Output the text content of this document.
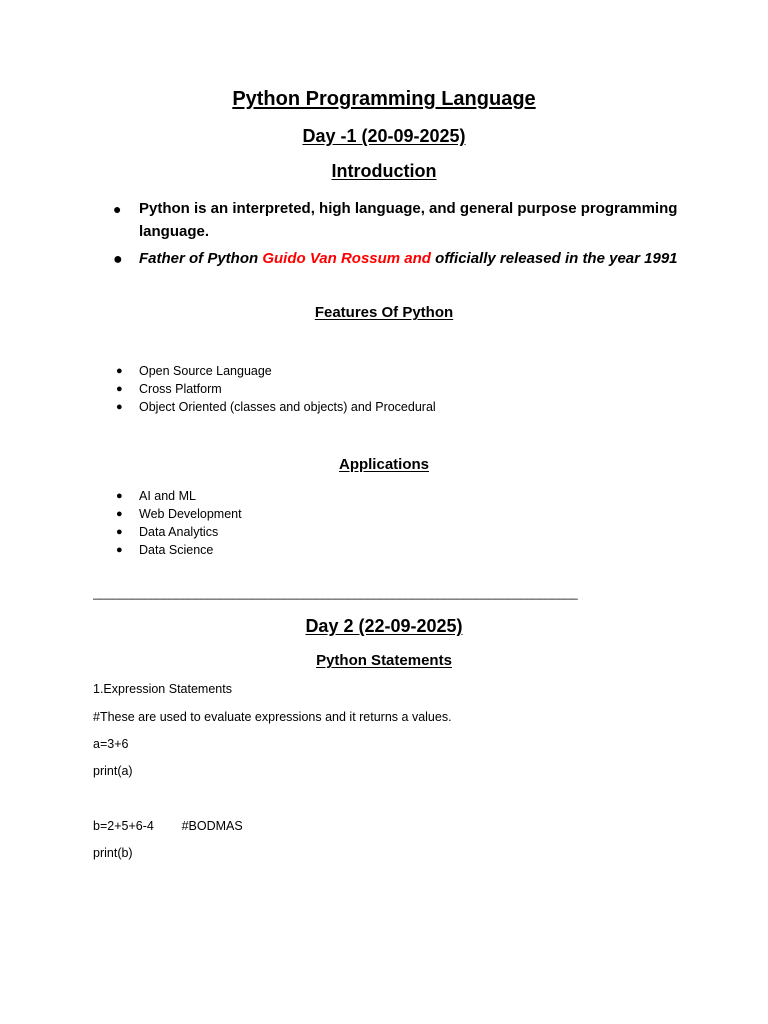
Python Programming Language
Day -1 (20-09-2025)
Introduction
● Python is an interpreted, high language, and general purpose programming language.
● Father of Python Guido Van Rossum and officially released in the year 1991
Features Of Python
● Open Source Language
● Cross Platform
● Object Oriented (classes and objects) and Procedural
Applications
● AI and ML
● Web Development
● Data Analytics
● Data Science
____________________________________________________________________________
Day 2 (22-09-2025)
Python Statements
1.Expression Statements
#These are used to evaluate expressions and it returns a values.
a=3+6
print(a)
b=2+5+6-4        #BODMAS
print(b)
